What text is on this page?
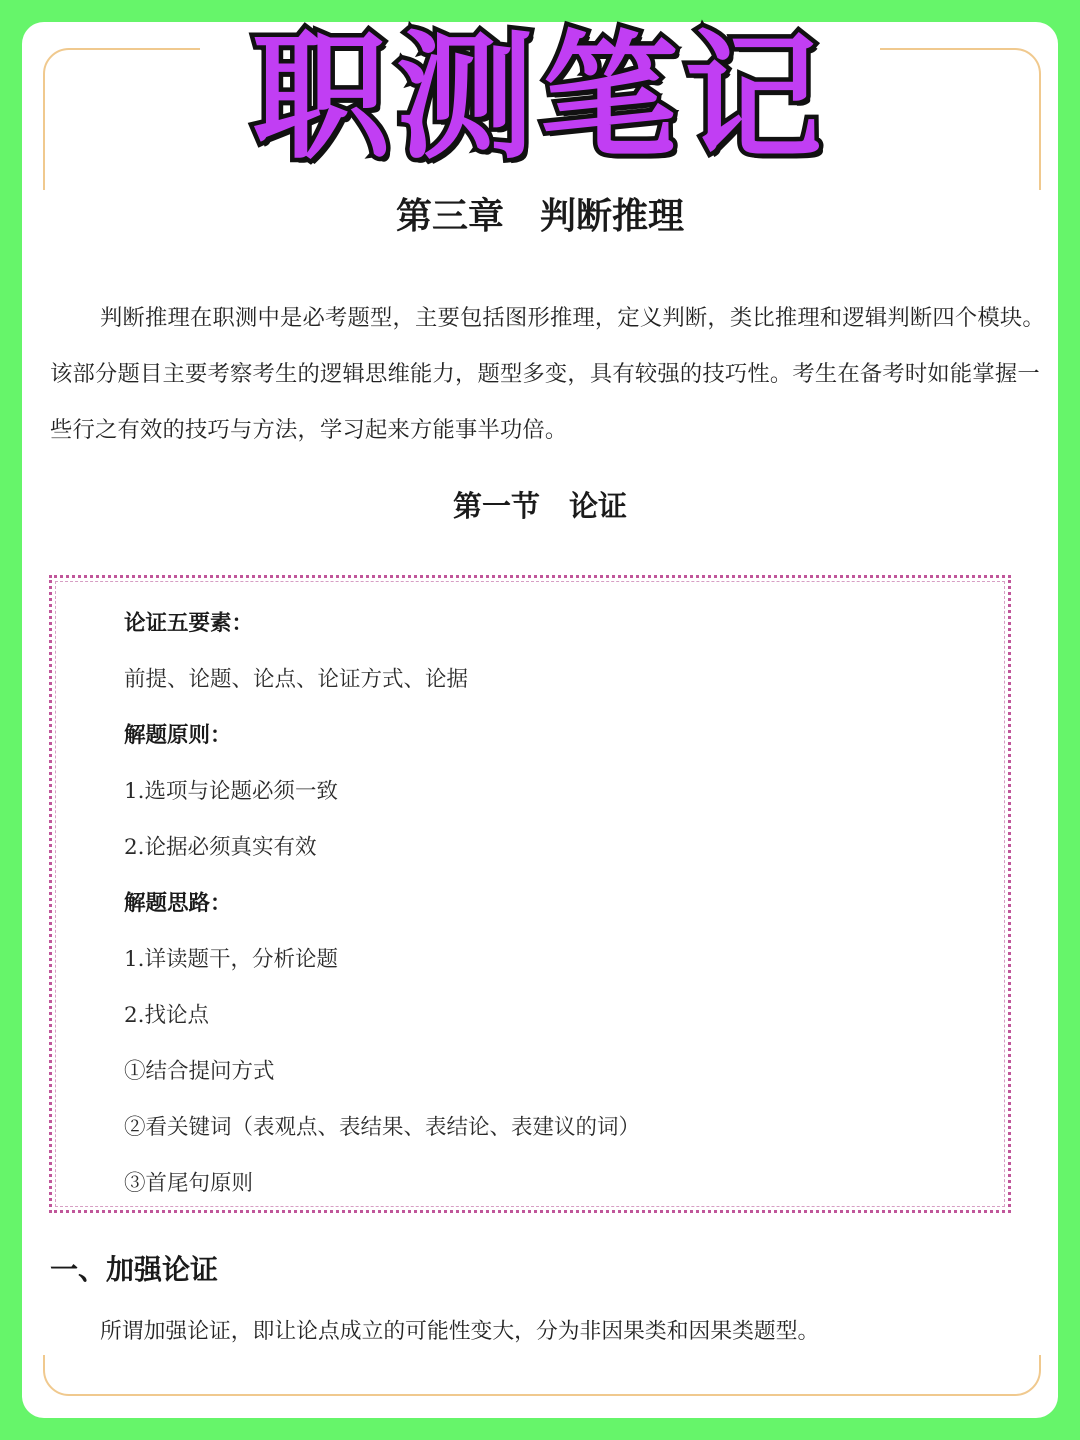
职测笔记
第三章　判断推理
判断推理在职测中是必考题型，主要包括图形推理，定义判断，类比推理和逻辑判断四个模块。该部分题目主要考察考生的逻辑思维能力，题型多变，具有较强的技巧性。考生在备考时如能掌握一些行之有效的技巧与方法，学习起来方能事半功倍。
第一节　论证
论证五要素：
前提、论题、论点、论证方式、论据
解题原则：
1.选项与论题必须一致
2.论据必须真实有效
解题思路：
1.详读题干，分析论题
2.找论点
①结合提问方式
②看关键词（表观点、表结果、表结论、表建议的词）
③首尾句原则
一、加强论证
所谓加强论证，即让论点成立的可能性变大，分为非因果类和因果类题型。
